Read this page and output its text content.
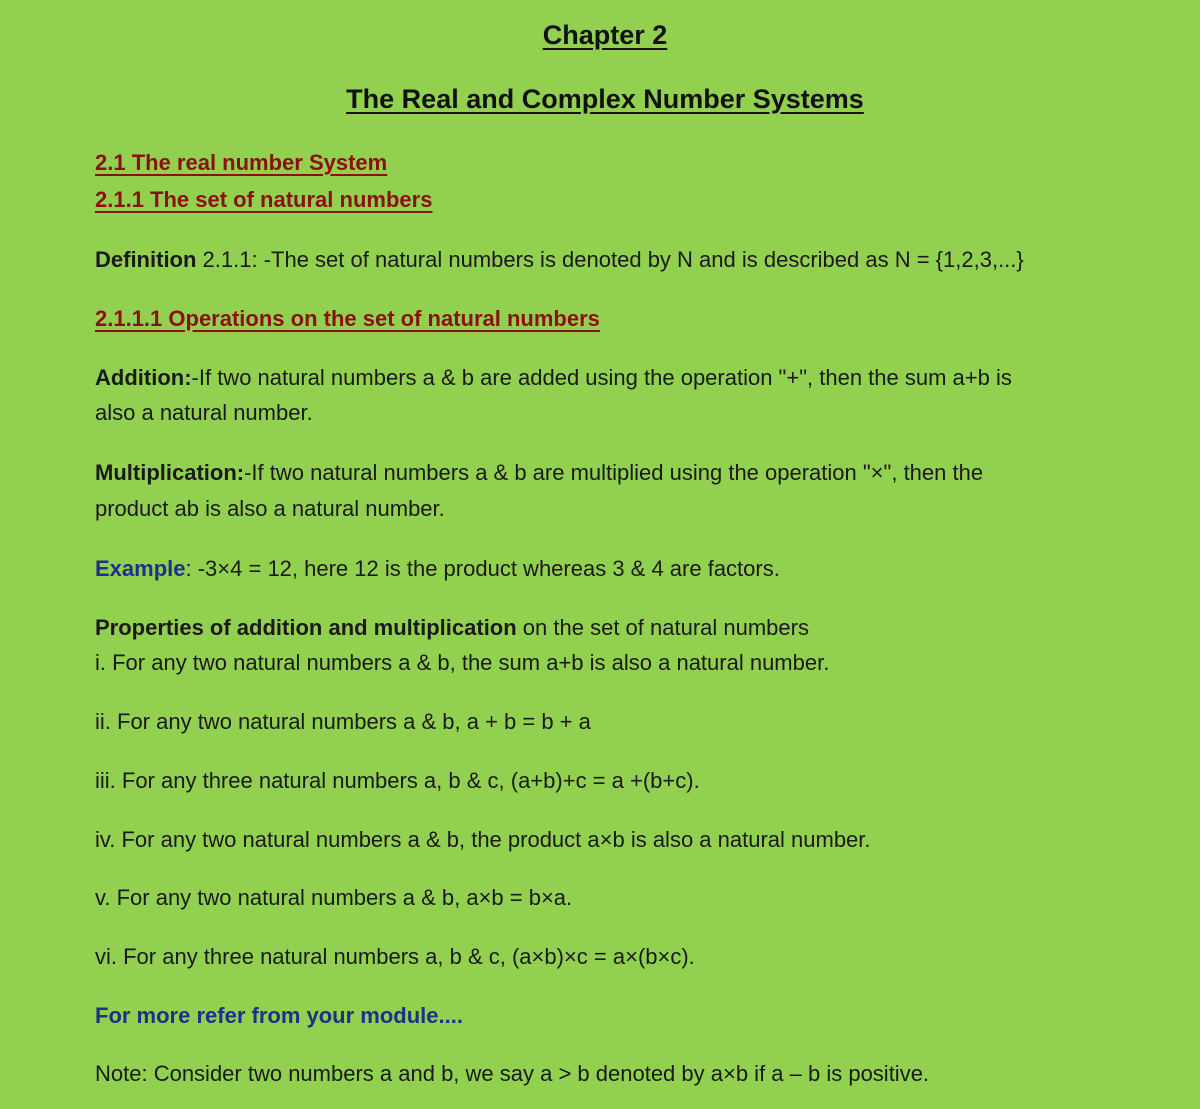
Chapter 2
The Real and Complex Number Systems
2.1 The real number System
2.1.1 The set of natural numbers
Definition 2.1.1: -The set of natural numbers is denoted by N and is described as N = {1,2,3,...}
2.1.1.1 Operations on the set of natural numbers
Addition:-If two natural numbers a & b are added using the operation "+", then the sum a+b is
also a natural number.
Multiplication:-If two natural numbers a & b are multiplied using the operation "×", then the
product ab is also a natural number.
Example: -3×4 = 12, here 12 is the product whereas 3 & 4 are factors.
Properties of addition and multiplication on the set of natural numbers
i. For any two natural numbers a & b, the sum a+b is also a natural number.
ii. For any two natural numbers a & b, a + b = b + a
iii. For any three natural numbers a, b & c, (a+b)+c = a +(b+c).
iv. For any two natural numbers a & b, the product a×b is also a natural number.
v. For any two natural numbers a & b, a×b = b×a.
vi. For any three natural numbers a, b & c, (a×b)×c = a×(b×c).
For more refer from your module....
Note: Consider two numbers a and b, we say a > b denoted by a×b if a – b is positive.
